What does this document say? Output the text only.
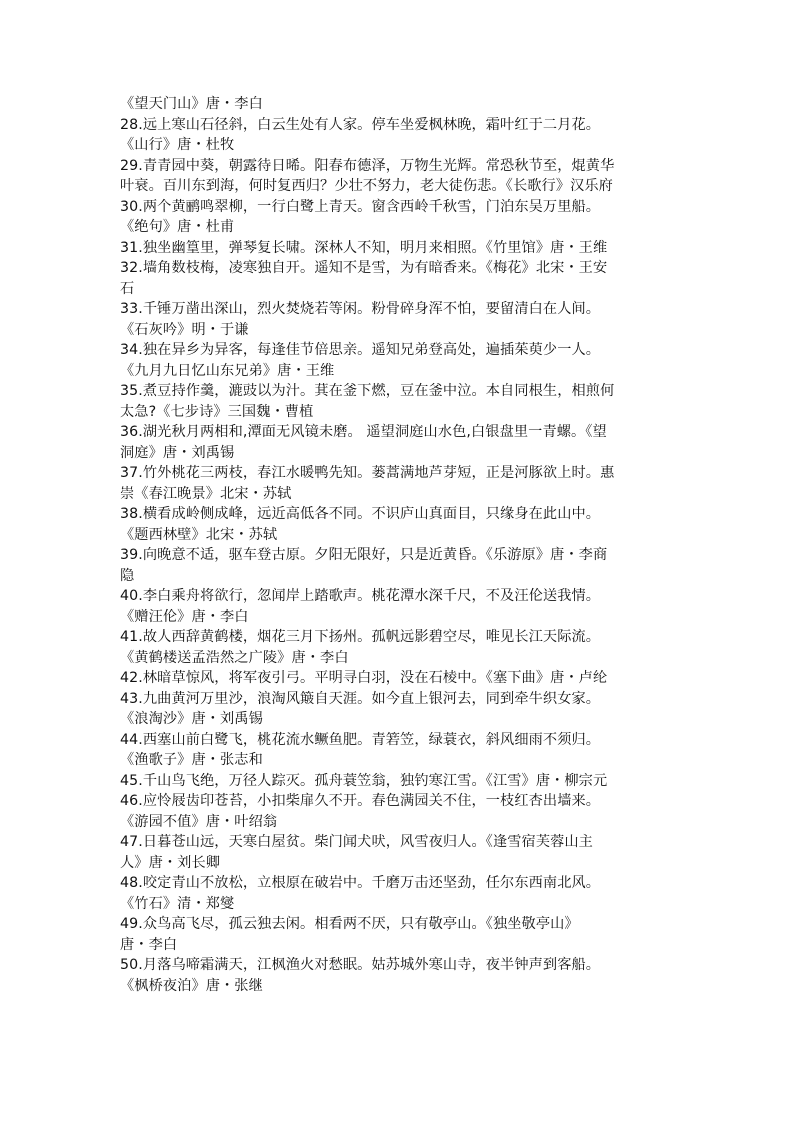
《望天门山》唐・李白
28.远上寒山石径斜，白云生处有人家。停车坐爱枫林晚，霜叶红于二月花。
《山行》唐・杜牧
29.青青园中葵，朝露待日晞。阳春布德泽，万物生光辉。常恐秋节至，焜黄华
叶衰。百川东到海，何时复西归？少壮不努力，老大徒伤悲。《长歌行》汉乐府
30.两个黄鹂鸣翠柳，一行白鹭上青天。窗含西岭千秋雪，门泊东吴万里船。
《绝句》唐・杜甫
31.独坐幽篁里，弹琴复长啸。深林人不知，明月来相照。《竹里馆》唐・王维
32.墙角数枝梅，凌寒独自开。遥知不是雪，为有暗香来。《梅花》北宋・王安
石
33.千锤万凿出深山，烈火焚烧若等闲。粉骨碎身浑不怕，要留清白在人间。
《石灰吟》明・于谦
34.独在异乡为异客，每逢佳节倍思亲。遥知兄弟登高处，遍插茱萸少一人。
《九月九日忆山东兄弟》唐・王维
35.煮豆持作羹，漉豉以为汁。萁在釜下燃，豆在釜中泣。本自同根生，相煎何
太急?《七步诗》三国魏・曹植
36.湖光秋月两相和,潭面无风镜未磨。 遥望洞庭山水色,白银盘里一青螺。《望
洞庭》唐・刘禹锡
37.竹外桃花三两枝，春江水暖鸭先知。蒌蒿满地芦芽短，正是河豚欲上时。惠
崇《春江晚景》北宋・苏轼
38.横看成岭侧成峰，远近高低各不同。不识庐山真面目，只缘身在此山中。
《题西林壁》北宋・苏轼
39.向晚意不适，驱车登古原。夕阳无限好，只是近黄昏。《乐游原》唐・李商
隐
40.李白乘舟将欲行，忽闻岸上踏歌声。桃花潭水深千尺，不及汪伦送我情。
《赠汪伦》唐・李白
41.故人西辞黄鹤楼，烟花三月下扬州。孤帆远影碧空尽，唯见长江天际流。
《黄鹤楼送孟浩然之广陵》唐・李白
42.林暗草惊风，将军夜引弓。平明寻白羽，没在石棱中。《塞下曲》唐・卢纶
43.九曲黄河万里沙，浪淘风簸自天涯。如今直上银河去，同到牵牛织女家。
《浪淘沙》唐・刘禹锡
44.西塞山前白鹭飞，桃花流水鳜鱼肥。青箬笠，绿蓑衣，斜风细雨不须归。
《渔歌子》唐・张志和
45.千山鸟飞绝，万径人踪灭。孤舟蓑笠翁，独钓寒江雪。《江雪》唐・柳宗元
46.应怜屐齿印苍苔，小扣柴扉久不开。春色满园关不住，一枝红杏出墙来。
《游园不值》唐・叶绍翁
47.日暮苍山远，天寒白屋贫。柴门闻犬吠，风雪夜归人。《逢雪宿芙蓉山主
人》唐・刘长卿
48.咬定青山不放松，立根原在破岩中。千磨万击还坚劲，任尔东西南北风。
《竹石》清・郑燮
49.众鸟高飞尽，孤云独去闲。相看两不厌，只有敬亭山。《独坐敬亭山》
唐・李白
50.月落乌啼霜满天，江枫渔火对愁眠。姑苏城外寒山寺，夜半钟声到客船。
《枫桥夜泊》唐・张继
